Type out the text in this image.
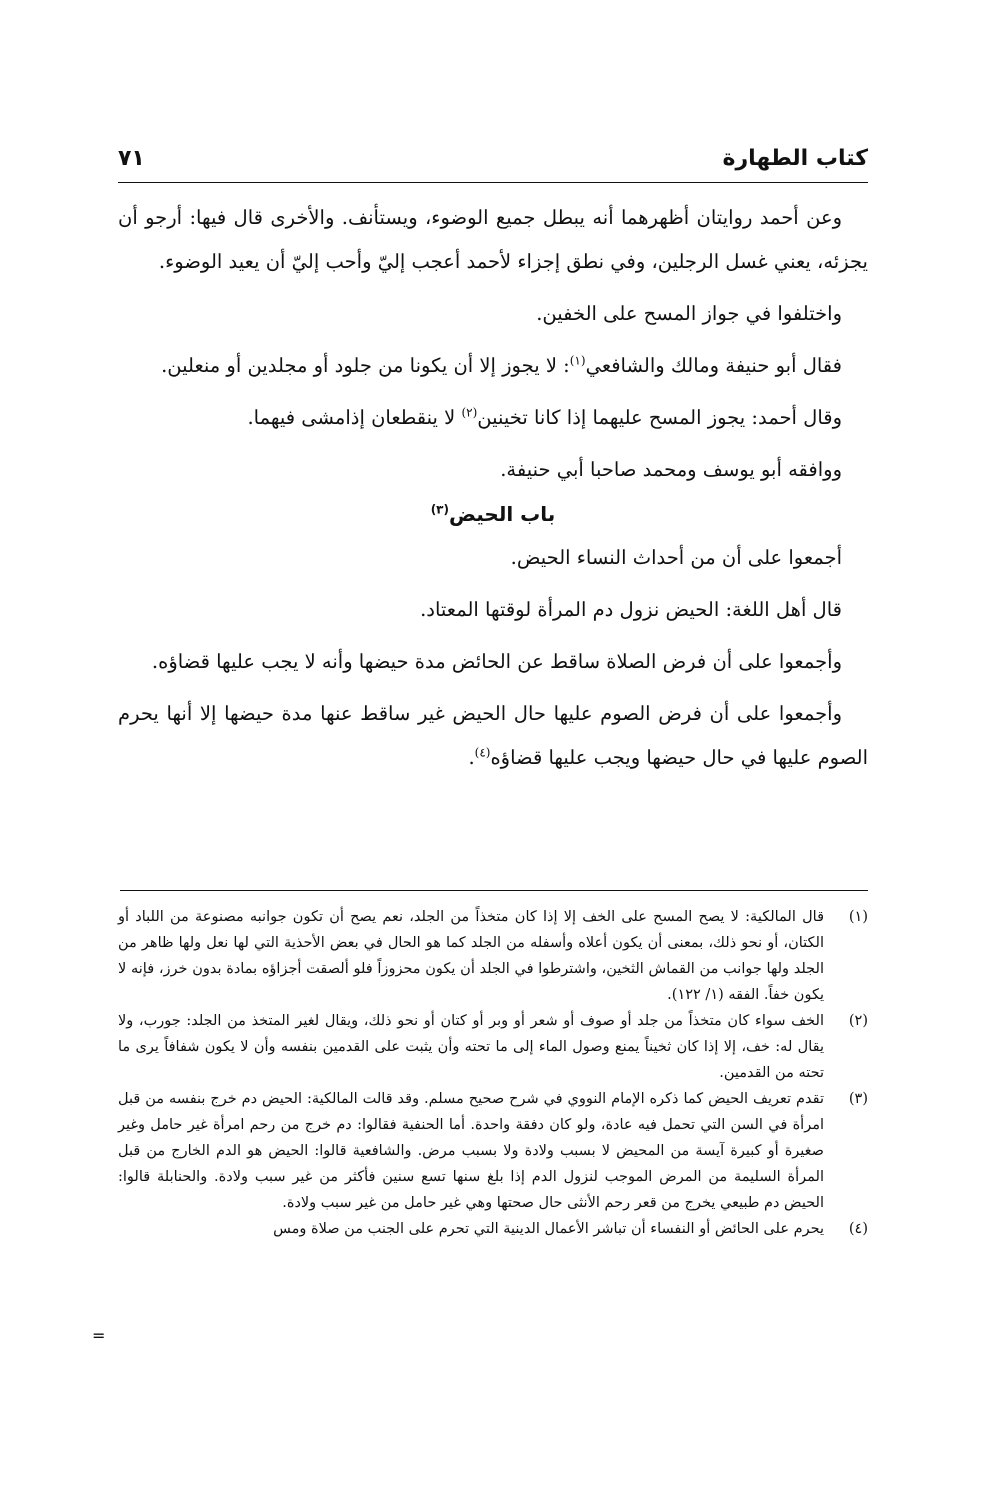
كتاب الطهارة
٧١

وعن أحمد روايتان أظهرهما أنه يبطل جميع الوضوء، ويستأنف. والأخرى قال فيها: أرجو أن يجزئه، يعني غسل الرجلين، وفي نطق إجزاء لأحمد أعجب إليّ وأحب إليّ أن يعيد الوضوء.

واختلفوا في جواز المسح على الخفين.

فقال أبو حنيفة ومالك والشافعي$^{(١)}$: لا يجوز إلا أن يكونا من جلود أو مجلدين أو منعلين.

وقال أحمد: يجوز المسح عليهما إذا كانا تخينين$^{(٢)}$ لا ينقطعان إذامشى فيهما.

ووافقه أبو يوسف ومحمد صاحبا أبي حنيفة.

باب الحيض$^{(٣)}$

أجمعوا على أن من أحداث النساء الحيض.

قال أهل اللغة: الحيض نزول دم المرأة لوقتها المعتاد.

وأجمعوا على أن فرض الصلاة ساقط عن الحائض مدة حيضها وأنه لا يجب عليها قضاؤه.

وأجمعوا على أن فرض الصوم عليها حال الحيض غير ساقط عنها مدة حيضها إلا أنها يحرم الصوم عليها في حال حيضها ويجب عليها قضاؤه$^{(٤)}$.

(١)
قال المالكية: لا يصح المسح على الخف إلا إذا كان متخذاً من الجلد، نعم يصح أن تكون جوانبه مصنوعة من اللباد أو الكتان، أو نحو ذلك، بمعنى أن يكون أعلاه وأسفله من الجلد كما هو الحال في بعض الأحذية التي لها نعل ولها ظاهر من الجلد ولها جوانب من القماش الثخين، واشترطوا في الجلد أن يكون محزوزاً فلو ألصقت أجزاؤه بمادة بدون خرز، فإنه لا يكون خفاً. الفقه (١/ ١٢٢).

(٢)
الخف سواء كان متخذاً من جلد أو صوف أو شعر أو وبر أو كتان أو نحو ذلك، ويقال لغير المتخذ من الجلد: جورب، ولا يقال له: خف، إلا إذا كان ثخيناً يمنع وصول الماء إلى ما تحته وأن يثبت على القدمين بنفسه وأن لا يكون شفافاً يرى ما تحته من القدمين.

(٣)
تقدم تعريف الحيض كما ذكره الإمام النووي في شرح صحيح مسلم. وقد قالت المالكية: الحيض دم خرج بنفسه من قبل امرأة في السن التي تحمل فيه عادة، ولو كان دفقة واحدة. أما الحنفية فقالوا: دم خرج من رحم امرأة غير حامل وغير صغيرة أو كبيرة آيسة من المحيض لا بسبب ولادة ولا بسبب مرض. والشافعية قالوا: الحيض هو الدم الخارج من قبل المرأة السليمة من المرض الموجب لنزول الدم إذا بلغ سنها تسع سنين فأكثر من غير سبب ولادة. والحنابلة قالوا: الحيض دم طبيعي يخرج من قعر رحم الأنثى حال صحتها وهي غير حامل من غير سبب ولادة.

(٤)
يحرم على الحائض أو النفساء أن تباشر الأعمال الدينية التي تحرم على الجنب من صلاة ومس

=
